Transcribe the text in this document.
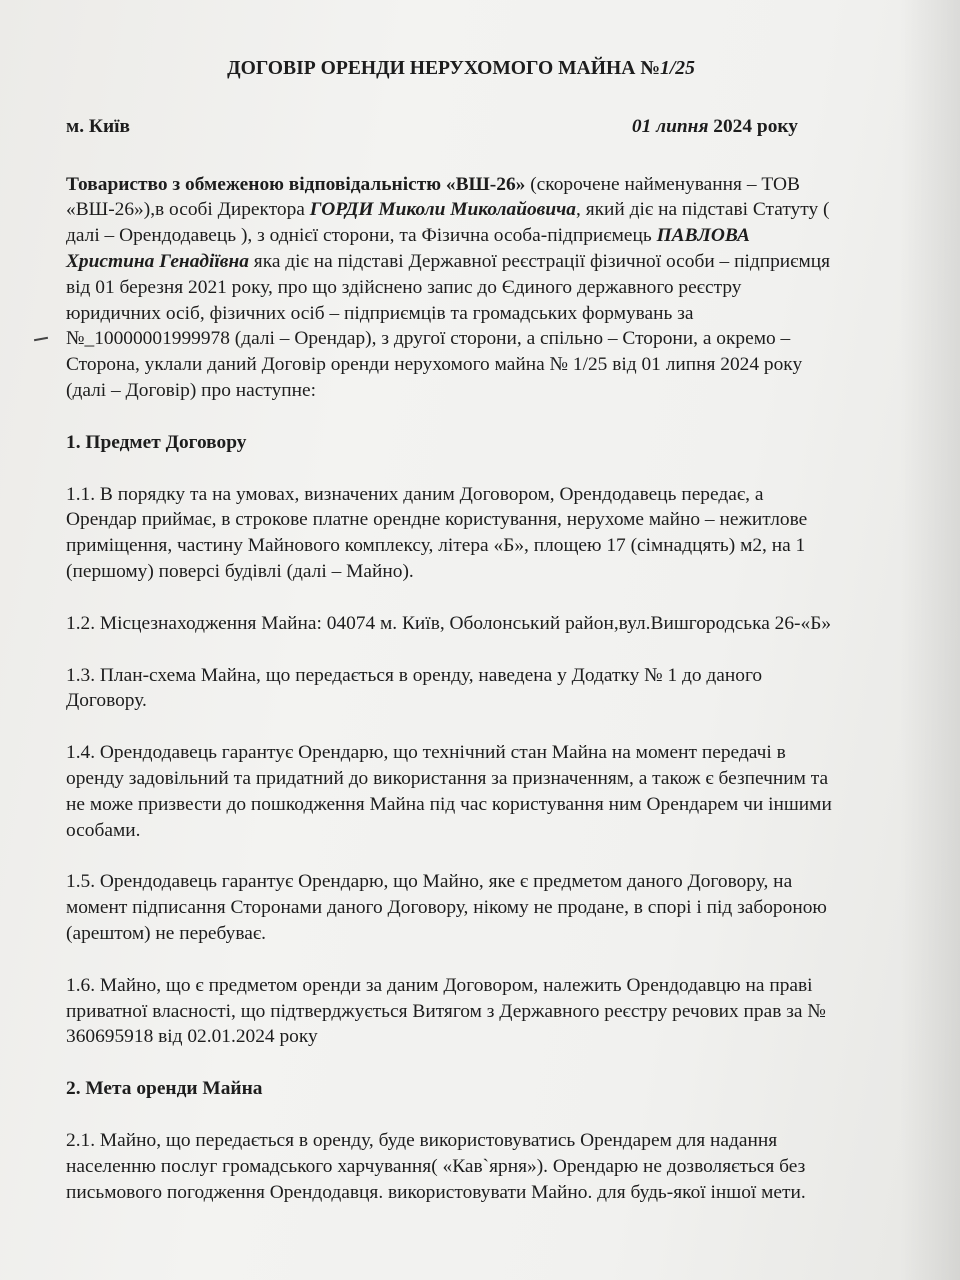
ДОГОВІР ОРЕНДИ НЕРУХОМОГО МАЙНА №1/25
м. Київ	01 липня 2024 року

Товариство з обмеженою відповідальністю «ВШ-26» (скорочене найменування – ТОВ «ВШ-26»),в особі Директора ГОРДИ Миколи Миколайовича, який діє на підставі Статуту ( далі – Орендодавець ), з однієї сторони, та Фізична особа-підприємець ПАВЛОВА Христина Генадіївна яка діє на підставі Державної реєстрації фізичної особи – підприємця від 01 березня 2021 року, про що здійснено запис до Єдиного державного реєстру юридичних осіб, фізичних осіб – підприємців та громадських формувань за №_10000001999978 (далі – Орендар), з другої сторони, а спільно – Сторони, а окремо – Сторона, уклали даний Договір оренди нерухомого майна № 1/25 від 01 липня 2024 року (далі – Договір) про наступне:

1. Предмет Договору

1.1. В порядку та на умовах, визначених даним Договором, Орендодавець передає, а Орендар приймає, в строкове платне орендне користування, нерухоме майно – нежитлове приміщення, частину Майнового комплексу, літера «Б», площею 17 (сімнадцять) м2, на 1 (першому) поверсі будівлі (далі – Майно).

1.2. Місцезнаходження Майна: 04074 м. Київ, Оболонський район,вул.Вишгородська 26-«Б»

1.3. План-схема Майна, що передається в оренду, наведена у Додатку № 1 до даного Договору.

1.4. Орендодавець гарантує Орендарю, що технічний стан Майна на момент передачі в оренду задовільний та придатний до використання за призначенням, а також є безпечним та не може призвести до пошкодження Майна під час користування ним Орендарем чи іншими особами.

1.5. Орендодавець гарантує Орендарю, що Майно, яке є предметом даного Договору, на момент підписання Сторонами даного Договору, нікому не продане, в спорі і під забороною (арештом) не перебуває.

1.6. Майно, що є предметом оренди за даним Договором, належить Орендодавцю на праві приватної власності, що підтверджується Витягом з Державного реєстру речових прав за № 360695918 від 02.01.2024 року

2. Мета оренди Майна

2.1. Майно, що передається в оренду, буде використовуватись Орендарем для надання населенню послуг громадського харчування( «Кав`ярня»). Орендарю не дозволяється без письмового погодження Орендодавця. використовувати Майно. для будь-якої іншої мети.
